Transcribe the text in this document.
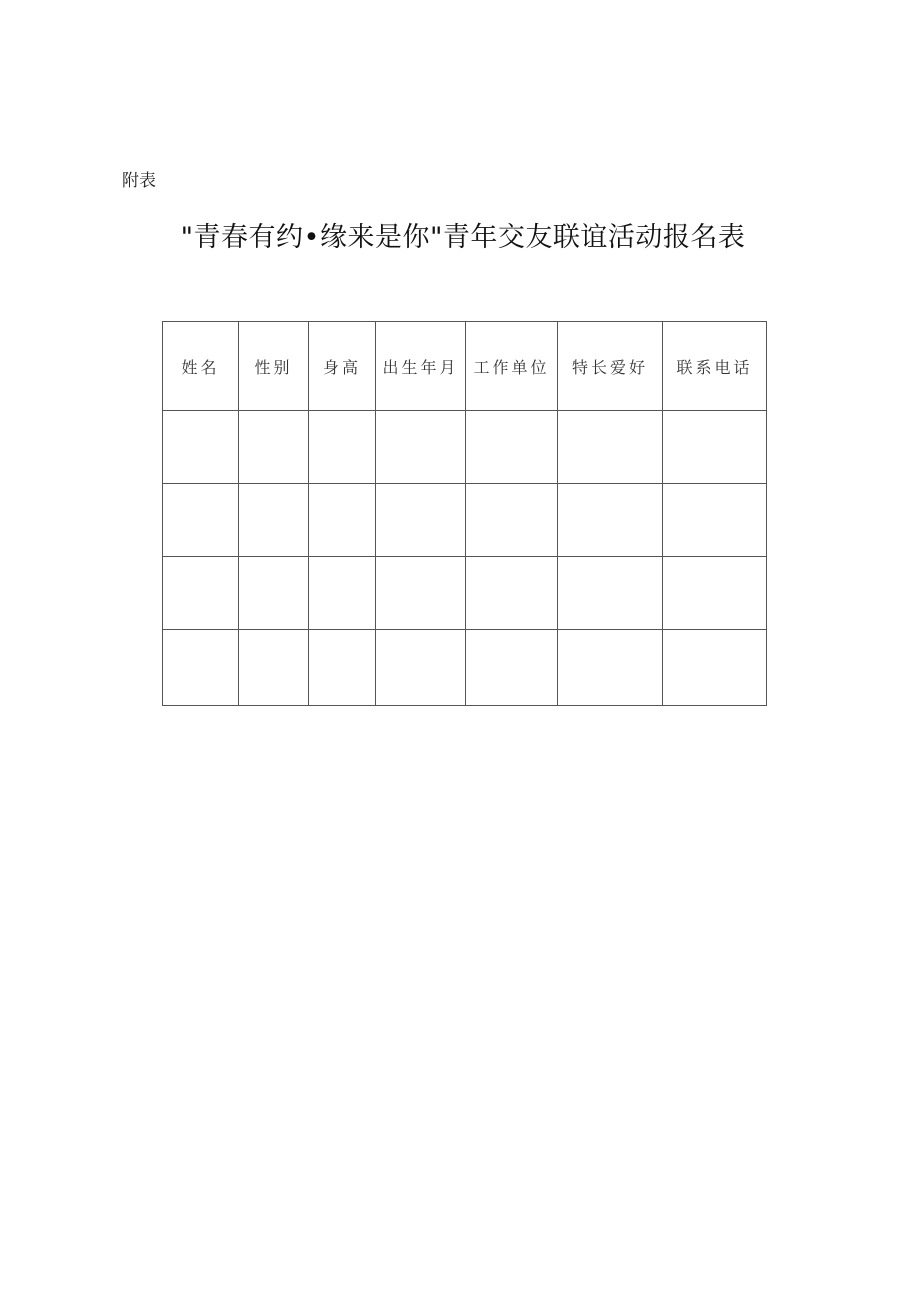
附表
"青春有约•缘来是你"青年交友联谊活动报名表
姓名	性别	身高	出生年月	工作单位	特长爱好	联系电话
